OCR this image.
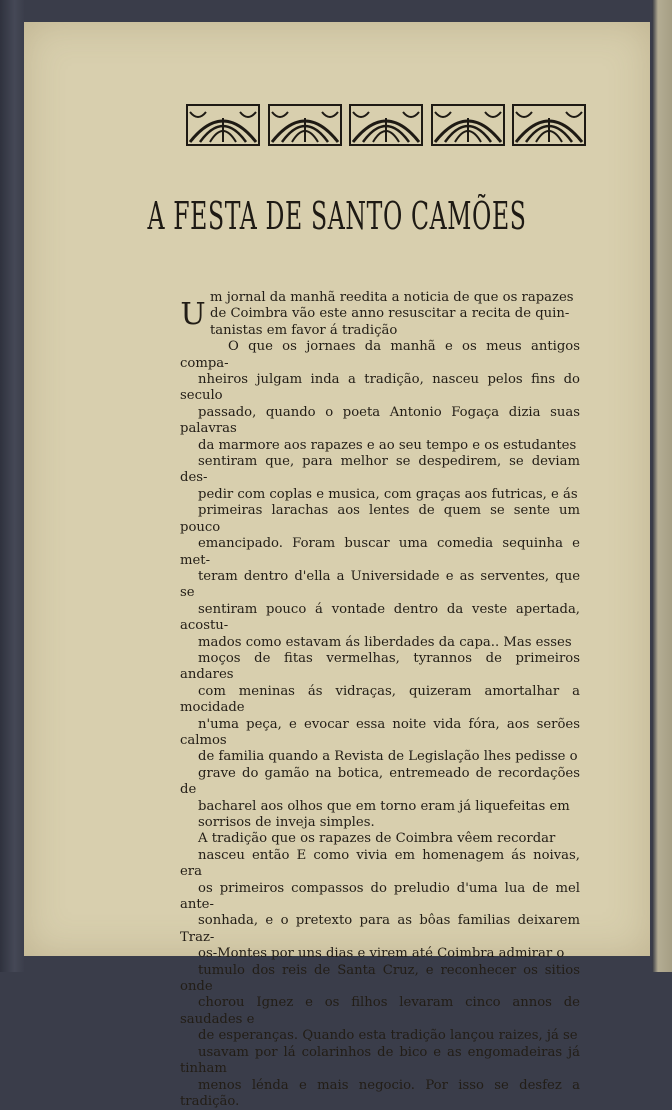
A FESTA DE SANTO CAMÕES

U m jornal da manhã reedita a noticia de que os rapazes
de Coimbra vão este anno resuscitar a recita de quin-
tanistas em favor á tradição

O que os jornaes da manhã e os meus antigos compa-
nheiros julgam inda a tradição, nasceu pelos fins do seculo
passado, quando o poeta Antonio Fogaça dizia suas palavras
da marmore aos rapazes e ao seu tempo e os estudantes
sentiram que, para melhor se despedirem, se deviam des-
pedir com coplas e musica, com graças aos futricas, e ás
primeiras larachas aos lentes de quem se sente um pouco
emancipado. Foram buscar uma comedia sequinha e met-
teram dentro d'ella a Universidade e as serventes, que se
sentiram pouco á vontade dentro da veste apertada, acostu-
mados como estavam ás liberdades da capa.. Mas esses
moços de fitas vermelhas, tyrannos de primeiros andares
com meninas ás vidraças, quizeram amortalhar a mocidade
n'uma peça, e evocar essa noite vida fóra, aos serões calmos
de familia quando a Revista de Legislação lhes pedisse o
grave do gamão na botica, entremeado de recordações de
bacharel aos olhos que em torno eram já liquefeitas em
sorrisos de inveja simples.

A tradição que os rapazes de Coimbra vêem recordar
nasceu então E como vivia em homenagem ás noivas, era
os primeiros compassos do preludio d'uma lua de mel ante-
sonhada, e o pretexto para as bôas familias deixarem Traz-
os-Montes por uns dias e virem até Coimbra admirar o
tumulo dos reis de Santa Cruz, e reconhecer os sitios onde
chorou Ignez e os filhos levaram cinco annos de saudades e
de esperanças. Quando esta tradição lançou raizes, já se
usavam por lá colarinhos de bico e as engomadeiras já tinham
menos lénda e mais negocio. Por isso se desfez a tradição.
